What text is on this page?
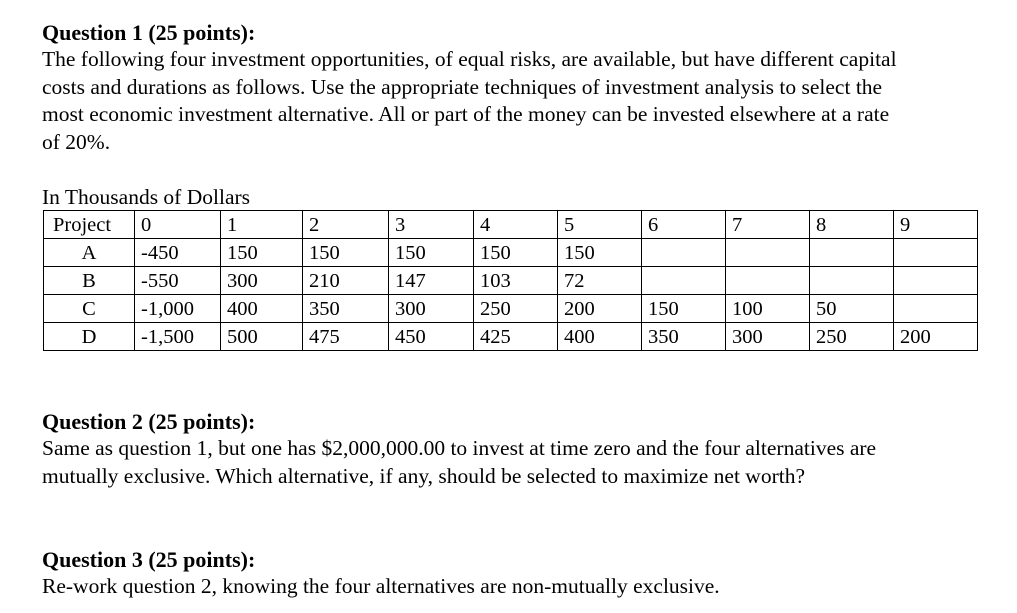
Question 1 (25 points):
The following four investment opportunities, of equal risks, are available, but have different capital
costs and durations as follows. Use the appropriate techniques of investment analysis to select the
most economic investment alternative. All or part of the money can be invested elsewhere at a rate
of 20%.
In Thousands of Dollars
Project	0	1	2	3	4	5	6	7	8	9
A	-450	150	150	150	150	150				
B	-550	300	210	147	103	72				
C	-1,000	400	350	300	250	200	150	100	50	
D	-1,500	500	475	450	425	400	350	300	250	200
Question 2 (25 points):
Same as question 1, but one has $2,000,000.00 to invest at time zero and the four alternatives are
mutually exclusive. Which alternative, if any, should be selected to maximize net worth?
Question 3 (25 points):
Re-work question 2, knowing the four alternatives are non-mutually exclusive.
